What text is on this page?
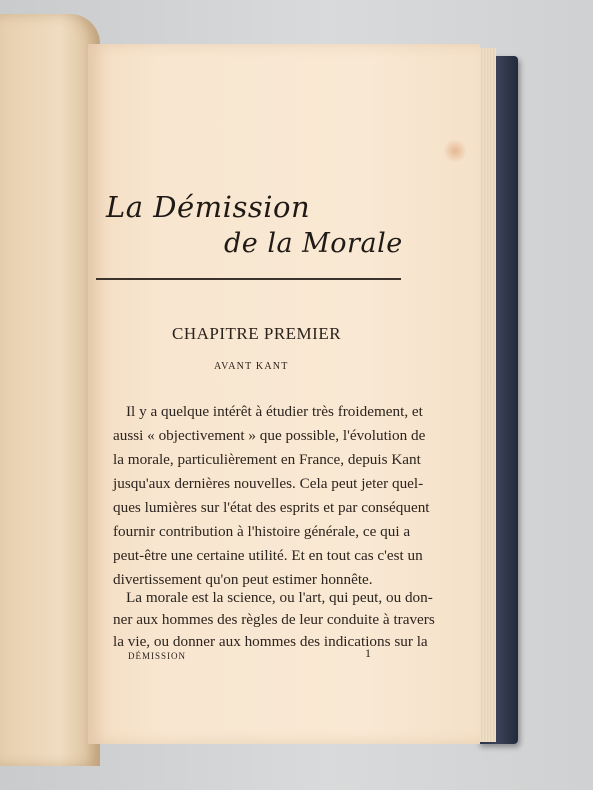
La Démission
de la Morale
CHAPITRE PREMIER
AVANT KANT
Il y a quelque intérêt à étudier très froidement, et
aussi « objectivement » que possible, l'évolution de
la morale, particulièrement en France, depuis Kant
jusqu'aux dernières nouvelles. Cela peut jeter quel-
ques lumières sur l'état des esprits et par conséquent
fournir contribution à l'histoire générale, ce qui a
peut-être une certaine utilité. Et en tout cas c'est un
divertissement qu'on peut estimer honnête.
La morale est la science, ou l'art, qui peut, ou don-
ner aux hommes des règles de leur conduite à travers
DÉMISSION	1
la vie, ou donner aux hommes des indications sur la
